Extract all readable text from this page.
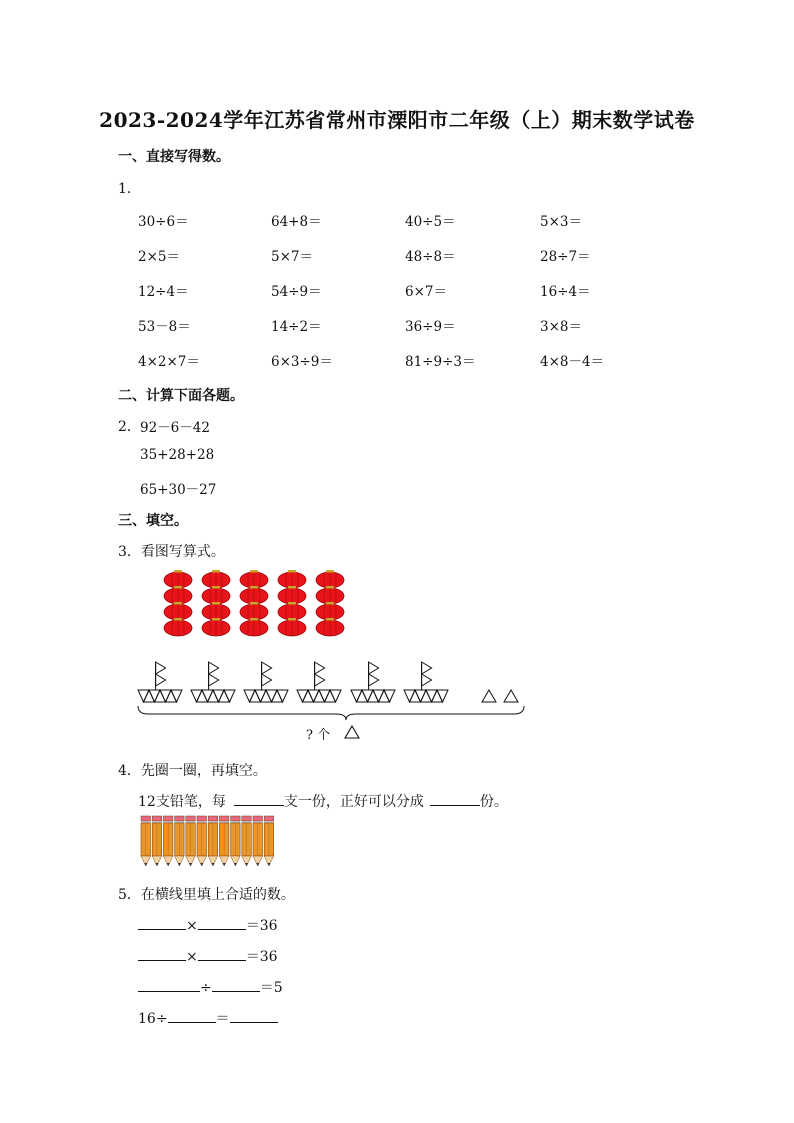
2023-2024学年江苏省常州市溧阳市二年级（上）期末数学试卷
一、直接写得数。
1．
30÷6＝	64+8＝	40÷5＝	5×3＝
2×5＝	5×7＝	48÷8＝	28÷7＝
12÷4＝	54÷9＝	6×7＝	16÷4＝
53－8＝	14÷2＝	36÷9＝	3×8＝
4×2×7＝	6×3÷9＝	81÷9÷3＝	4×8－4＝
二、计算下面各题。
2． 92－6－42
35+28+28
65+30－27
三、填空。
3．看图写算式。
? 个
4．先圈一圈，再填空。
12支铅笔，每	支一份，正好可以分成	份。
5．在横线里填上合适的数。
×	＝36
×	＝36
÷	＝5
16÷	＝
